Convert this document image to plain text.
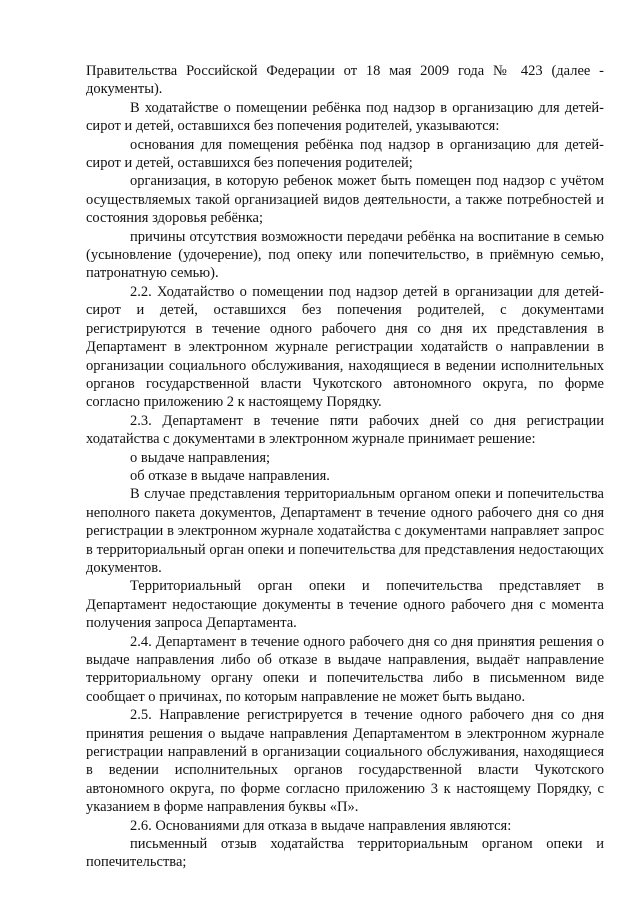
Правительства Российской Федерации от 18 мая 2009 года № 423 (далее - документы).

В ходатайстве о помещении ребёнка под надзор в организацию для детей-сирот и детей, оставшихся без попечения родителей, указываются:

основания для помещения ребёнка под надзор в организацию для детей-сирот и детей, оставшихся без попечения родителей;

организация, в которую ребенок может быть помещен под надзор с учётом осуществляемых такой организацией видов деятельности, а также потребностей и состояния здоровья ребёнка;

причины отсутствия возможности передачи ребёнка на воспитание в семью (усыновление (удочерение), под опеку или попечительство, в приёмную семью, патронатную семью).

2.2. Ходатайство о помещении под надзор детей в организации для детей-сирот и детей, оставшихся без попечения родителей, с документами регистрируются в течение одного рабочего дня со дня их представления в Департамент в электронном журнале регистрации ходатайств о направлении в организации социального обслуживания, находящиеся в ведении исполнительных органов государственной власти Чукотского автономного округа, по форме согласно приложению 2 к настоящему Порядку.

2.3. Департамент в течение пяти рабочих дней со дня регистрации ходатайства с документами в электронном журнале принимает решение:

о выдаче направления;

об отказе в выдаче направления.

В случае представления территориальным органом опеки и попечительства неполного пакета документов, Департамент в течение одного рабочего дня со дня регистрации в электронном журнале ходатайства с документами направляет запрос в территориальный орган опеки и попечительства для представления недостающих документов.

Территориальный орган опеки и попечительства представляет в Департамент недостающие документы в течение одного рабочего дня с момента получения запроса Департамента.

2.4. Департамент в течение одного рабочего дня со дня принятия решения о выдаче направления либо об отказе в выдаче направления, выдаёт направление территориальному органу опеки и попечительства либо в письменном виде сообщает о причинах, по которым направление не может быть выдано.

2.5. Направление регистрируется в течение одного рабочего дня со дня принятия решения о выдаче направления Департаментом в электронном журнале регистрации направлений в организации социального обслуживания, находящиеся в ведении исполнительных органов государственной власти Чукотского автономного округа, по форме согласно приложению 3 к настоящему Порядку, с указанием в форме направления буквы «П».

2.6. Основаниями для отказа в выдаче направления являются:

письменный отзыв ходатайства территориальным органом опеки и попечительства;
